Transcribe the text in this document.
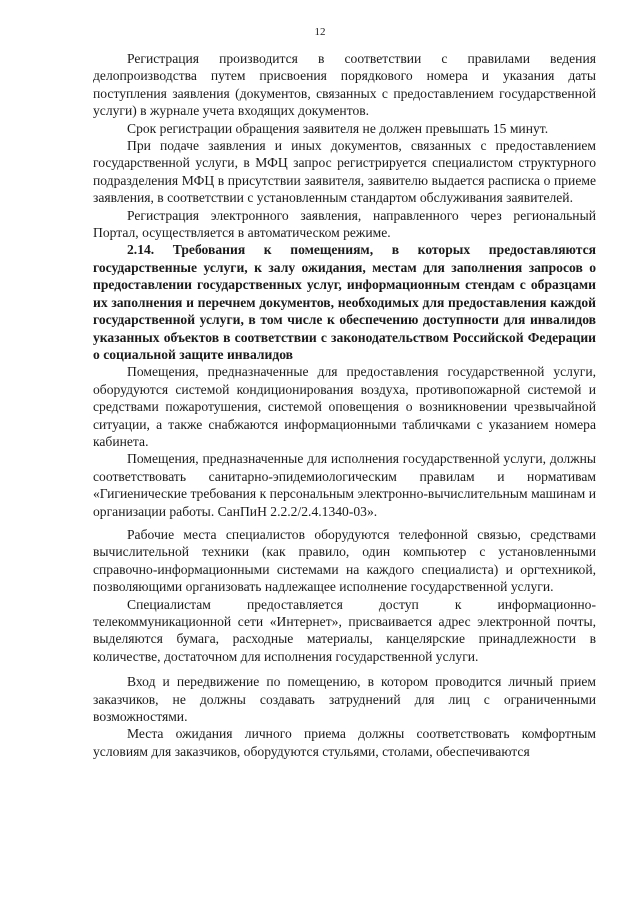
12

Регистрация производится в соответствии с правилами ведения делопроизводства путем присвоения порядкового номера и указания даты поступления заявления (документов, связанных с предоставлением государственной услуги) в журнале учета входящих документов.

Срок регистрации обращения заявителя не должен превышать 15 минут.

При подаче заявления и иных документов, связанных с предоставлением государственной услуги, в МФЦ запрос регистрируется специалистом структурного подразделения МФЦ в присутствии заявителя, заявителю выдается расписка о приеме заявления, в соответствии с установленным стандартом обслуживания заявителей.

Регистрация электронного заявления, направленного через региональный Портал, осуществляется в автоматическом режиме.

2.14. Требования к помещениям, в которых предоставляются государственные услуги, к залу ожидания, местам для заполнения запросов о предоставлении государственных услуг, информационным стендам с образцами их заполнения и перечнем документов, необходимых для предоставления каждой государственной услуги, в том числе к обеспечению доступности для инвалидов указанных объектов в соответствии с законодательством Российской Федерации о социальной защите инвалидов

Помещения, предназначенные для предоставления государственной услуги, оборудуются системой кондиционирования воздуха, противопожарной системой и средствами пожаротушения, системой оповещения о возникновении чрезвычайной ситуации, а также снабжаются информационными табличками с указанием номера кабинета.

Помещения, предназначенные для исполнения государственной услуги, должны соответствовать санитарно-эпидемиологическим правилам и нормативам «Гигиенические требования к персональным электронно-вычислительным машинам и организации работы. СанПиН 2.2.2/2.4.1340-03».

Рабочие места специалистов оборудуются телефонной связью, средствами вычислительной техники (как правило, один компьютер с установленными справочно-информационными системами на каждого специалиста) и оргтехникой, позволяющими организовать надлежащее исполнение государственной услуги.

Специалистам предоставляется доступ к информационно-телекоммуникационной сети «Интернет», присваивается адрес электронной почты, выделяются бумага, расходные материалы, канцелярские принадлежности в количестве, достаточном для исполнения государственной услуги.

Вход и передвижение по помещению, в котором проводится личный прием заказчиков, не должны создавать затруднений для лиц с ограниченными возможностями.

Места ожидания личного приема должны соответствовать комфортным условиям для заказчиков, оборудуются стульями, столами, обеспечиваются
